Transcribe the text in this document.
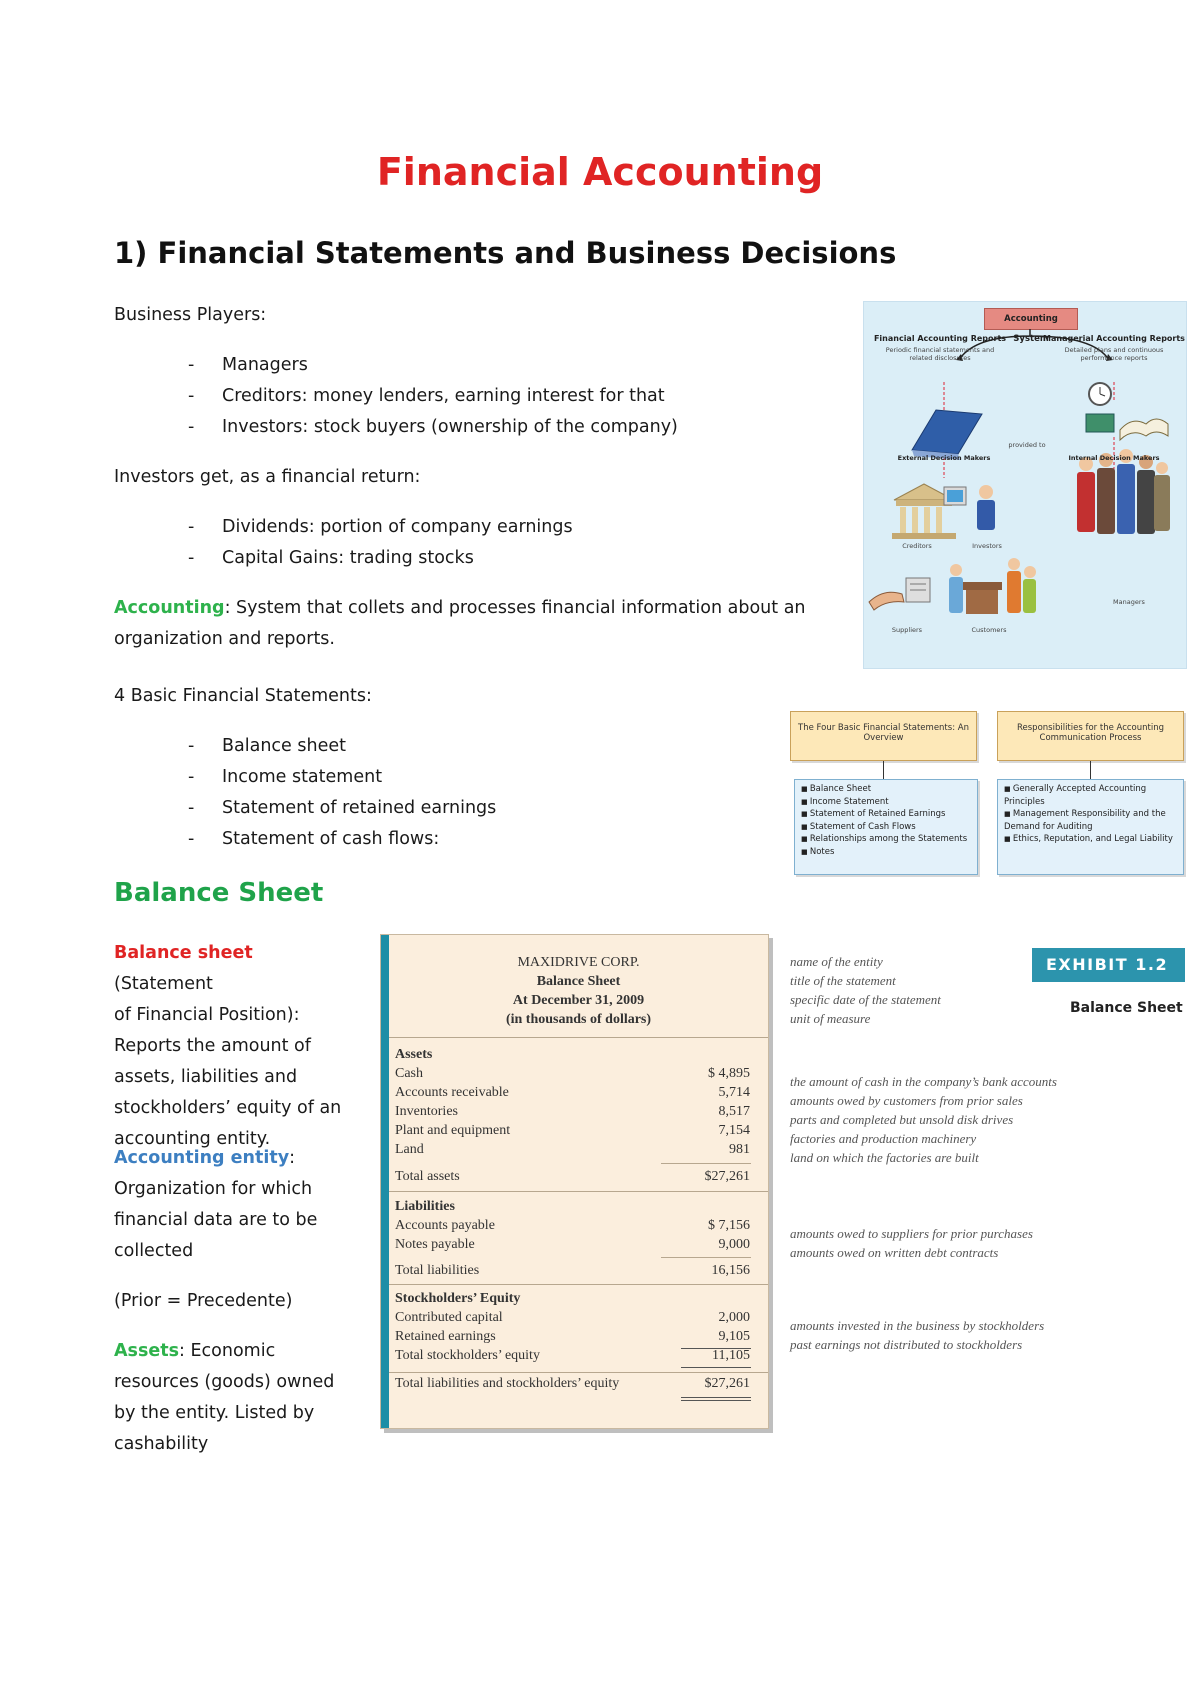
Financial Accounting
1) Financial Statements and Business Decisions
Business Players:
- Managers
- Creditors: money lenders, earning interest for that
- Investors: stock buyers (ownership of the company)
Investors get, as a financial return:
- Dividends: portion of company earnings
- Capital Gains: trading stocks
Accounting: System that collets and processes financial information about an
organization and reports.
4 Basic Financial Statements:
- Balance sheet
- Income statement
- Statement of retained earnings
- Statement of cash flows:
Balance Sheet
Balance sheet (Statement
of Financial Position):
Reports the amount of
assets, liabilities and
stockholders’ equity of an
accounting entity.
Accounting entity:
Organization for which
financial data are to be
collected
(Prior = Precedente)
Assets: Economic
resources (goods) owned
by the entity. Listed by
cashability
Accounting System
Financial Accounting Reports
Periodic financial statements and related disclosures
Managerial Accounting Reports
Detailed plans and continuous performance reports
provided to
External Decision Makers	Internal Decision Makers
Creditors	Investors
Suppliers	Customers
Managers
The Four Basic Financial Statements: An Overview
Responsibilities for the Accounting Communication Process
■ Balance Sheet
■ Income Statement
■ Statement of Retained Earnings
■ Statement of Cash Flows
■ Relationships among the Statements
■ Notes
■ Generally Accepted Accounting Principles
■ Management Responsibility and the Demand for Auditing
■ Ethics, Reputation, and Legal Liability
MAXIDRIVE CORP.
Balance Sheet
At December 31, 2009
(in thousands of dollars)
Assets
Cash	$ 4,895
Accounts receivable	5,714
Inventories	8,517
Plant and equipment	7,154
Land	981
Total assets	$27,261
Liabilities
Accounts payable	$ 7,156
Notes payable	9,000
Total liabilities	16,156
Stockholders’ Equity
Contributed capital	2,000
Retained earnings	9,105
Total stockholders’ equity	11,105
Total liabilities and stockholders’ equity	$27,261
name of the entity
title of the statement
specific date of the statement
unit of measure
the amount of cash in the company’s bank accounts
amounts owed by customers from prior sales
parts and completed but unsold disk drives
factories and production machinery
land on which the factories are built
amounts owed to suppliers for prior purchases
amounts owed on written debt contracts
amounts invested in the business by stockholders
past earnings not distributed to stockholders
EXHIBIT 1.2
Balance Sheet
